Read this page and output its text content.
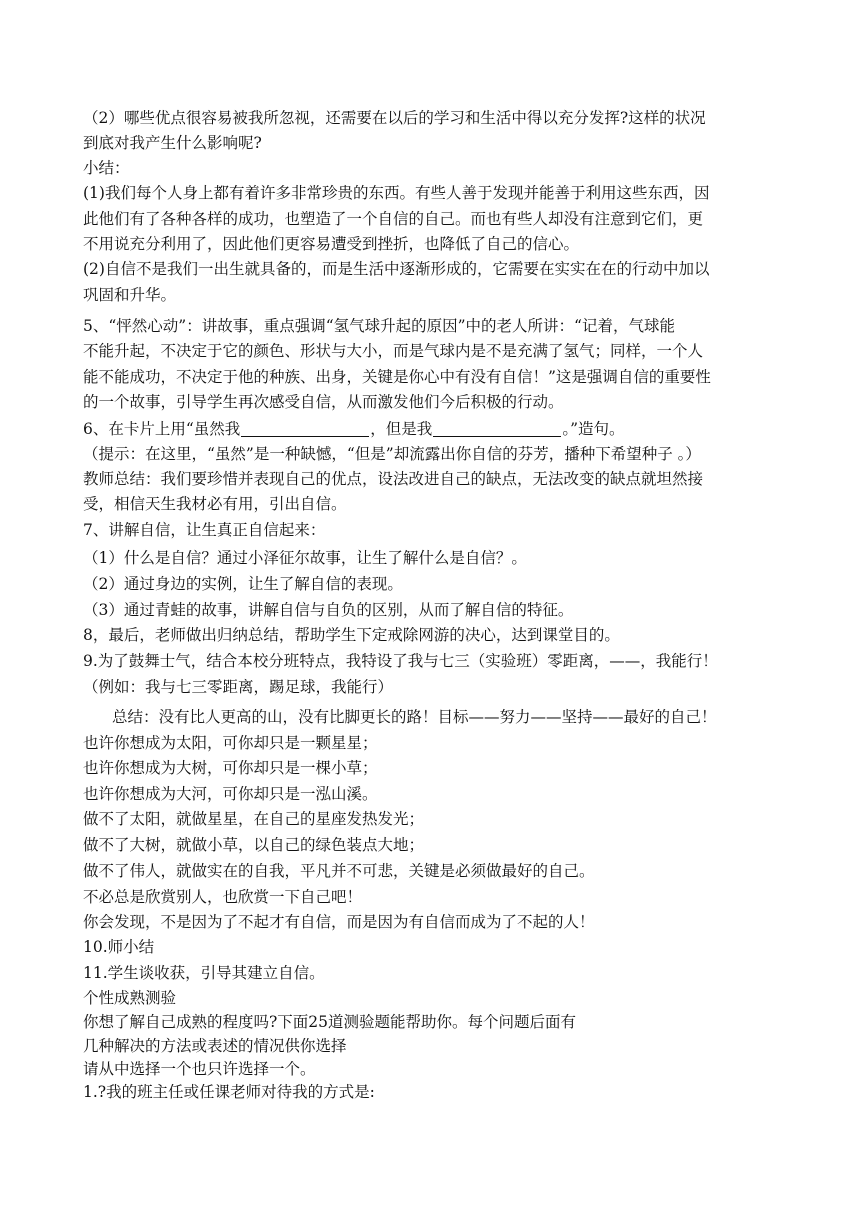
（2）哪些优点很容易被我所忽视，还需要在以后的学习和生活中得以充分发挥?这样的状况
到底对我产生什么影响呢?
小结：
(1)我们每个人身上都有着许多非常珍贵的东西。有些人善于发现并能善于利用这些东西，因
此他们有了各种各样的成功，也塑造了一个自信的自己。而也有些人却没有注意到它们，更
不用说充分利用了，因此他们更容易遭受到挫折，也降低了自己的信心。
(2)自信不是我们一出生就具备的，而是生活中逐渐形成的，它需要在实实在在的行动中加以
巩固和升华。
5、“怦然心动”：讲故事，重点强调“氢气球升起的原因”中的老人所讲：“记着，气球能
不能升起，不决定于它的颜色、形状与大小，而是气球内是不是充满了氢气；同样，一个人
能不能成功，不决定于他的种族、出身，关键是你心中有没有自信！”这是强调自信的重要性
的一个故事，引导学生再次感受自信，从而激发他们今后积极的行动。
6、在卡片上用“虽然我	，但是我	。”造句。
（提示：在这里，“虽然”是一种缺憾，“但是”却流露出你自信的芬芳，播种下希望种子 。）
教师总结：我们要珍惜并表现自己的优点，设法改进自己的缺点，无法改变的缺点就坦然接
受，相信天生我材必有用，引出自信。
7、讲解自信，让生真正自信起来：
（1）什么是自信？通过小泽征尔故事，让生了解什么是自信？。
（2）通过身边的实例，让生了解自信的表现。
（3）通过青蛙的故事，讲解自信与自负的区别，从而了解自信的特征。
8，最后，老师做出归纳总结，帮助学生下定戒除网游的决心，达到课堂目的。
9.为了鼓舞士气，结合本校分班特点，我特设了我与七三（实验班）零距离，——，我能行！
（例如：我与七三零距离，踢足球，我能行）
总结：没有比人更高的山，没有比脚更长的路！目标——努力——坚持——最好的自己！
也许你想成为太阳，可你却只是一颗星星；
也许你想成为大树，可你却只是一棵小草；
也许你想成为大河，可你却只是一泓山溪。
做不了太阳，就做星星，在自己的星座发热发光；
做不了大树，就做小草，以自己的绿色装点大地；
做不了伟人，就做实在的自我，平凡并不可悲，关键是必须做最好的自己。
不必总是欣赏别人，也欣赏一下自己吧！
你会发现，不是因为了不起才有自信，而是因为有自信而成为了不起的人！
10.师小结
11.学生谈收获，引导其建立自信。
个性成熟测验
你想了解自己成熟的程度吗?下面25道测验题能帮助你。每个问题后面有
几种解决的方法或表述的情况供你选择
请从中选择一个也只许选择一个。
1.?我的班主任或任课老师对待我的方式是:
